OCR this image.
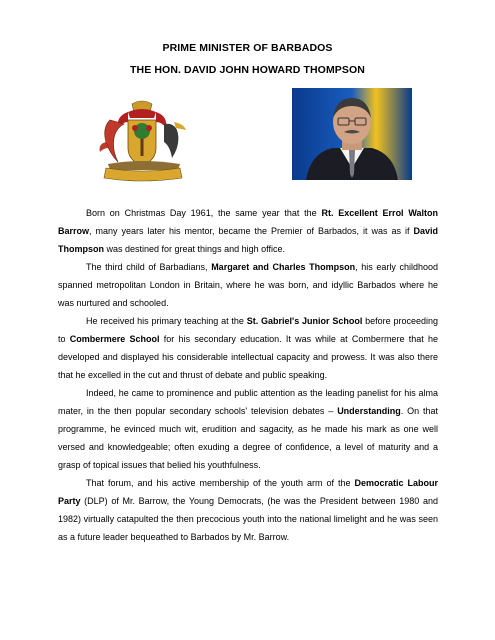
PRIME MINISTER OF BARBADOS
THE HON. DAVID JOHN HOWARD THOMPSON

Born on Christmas Day 1961, the same year that the Rt. Excellent Errol Walton Barrow, many years later his mentor, became the Premier of Barbados, it was as if David Thompson was destined for great things and high office.

The third child of Barbadians, Margaret and Charles Thompson, his early childhood spanned metropolitan London in Britain, where he was born, and idyllic Barbados where he was nurtured and schooled.

He received his primary teaching at the St. Gabriel's Junior School before proceeding to Combermere School for his secondary education. It was while at Combermere that he developed and displayed his considerable intellectual capacity and prowess. It was also there that he excelled in the cut and thrust of debate and public speaking.

Indeed, he came to prominence and public attention as the leading panelist for his alma mater, in the then popular secondary schools' television debates – Understanding. On that programme, he evinced much wit, erudition and sagacity, as he made his mark as one well versed and knowledgeable; often exuding a degree of confidence, a level of maturity and a grasp of topical issues that belied his youthfulness.

That forum, and his active membership of the youth arm of the Democratic Labour Party (DLP) of Mr. Barrow, the Young Democrats, (he was the President between 1980 and 1982) virtually catapulted the then precocious youth into the national limelight and he was seen as a future leader bequeathed to Barbados by Mr. Barrow.
